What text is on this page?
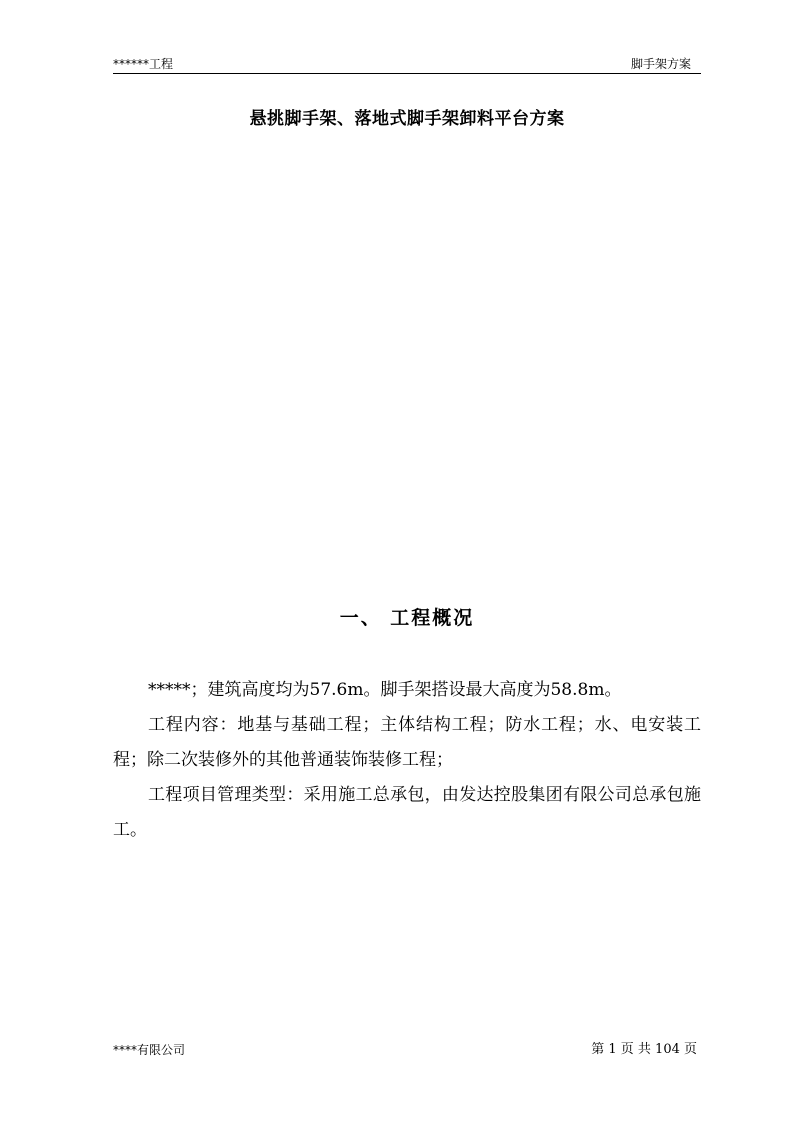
******工程	脚手架方案
悬挑脚手架、落地式脚手架卸料平台方案
一、 工程概况

*****；建筑高度均为57.6m。脚手架搭设最大高度为58.8m。

工程内容：地基与基础工程；主体结构工程；防水工程；水、电安装工程；除二次装修外的其他普通装饰装修工程；

工程项目管理类型：采用施工总承包，由发达控股集团有限公司总承包施工。

****有限公司	第 1 页 共 104 页
